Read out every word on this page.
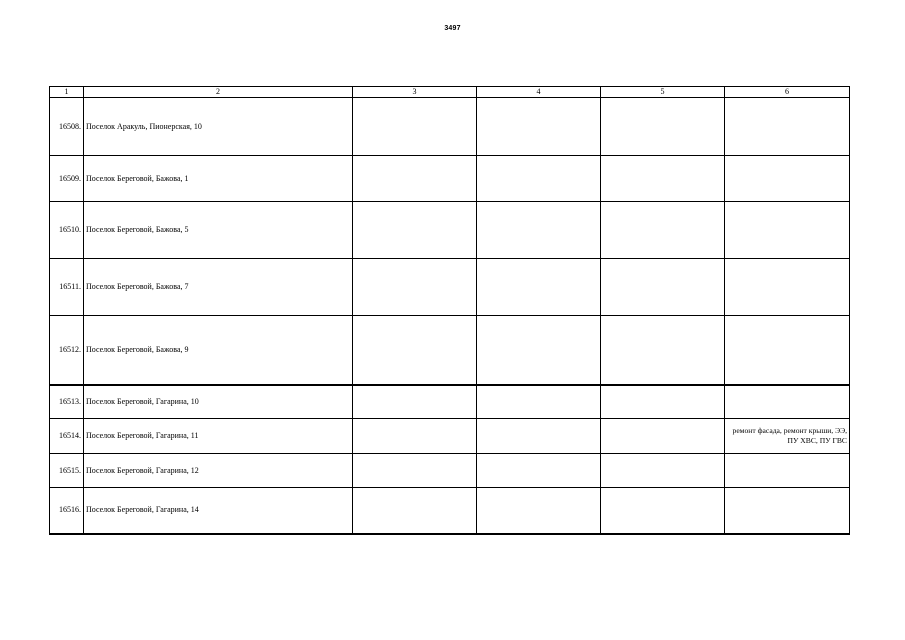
3497
1	2	3	4	5	6
16508.	Поселок Аракуль, Пионерская, 10				
16509.	Поселок Береговой, Бажова, 1				
16510.	Поселок Береговой, Бажова, 5				
16511.	Поселок Береговой, Бажова, 7				
16512.	Поселок Береговой, Бажова, 9				
16513.	Поселок Береговой, Гагарина, 10				
16514.	Поселок Береговой, Гагарина, 11				ремонт фасада, ремонт крыши, ЭЭ, ПУ ХВС, ПУ ГВС
16515.	Поселок Береговой, Гагарина, 12				
16516.	Поселок Береговой, Гагарина, 14				
